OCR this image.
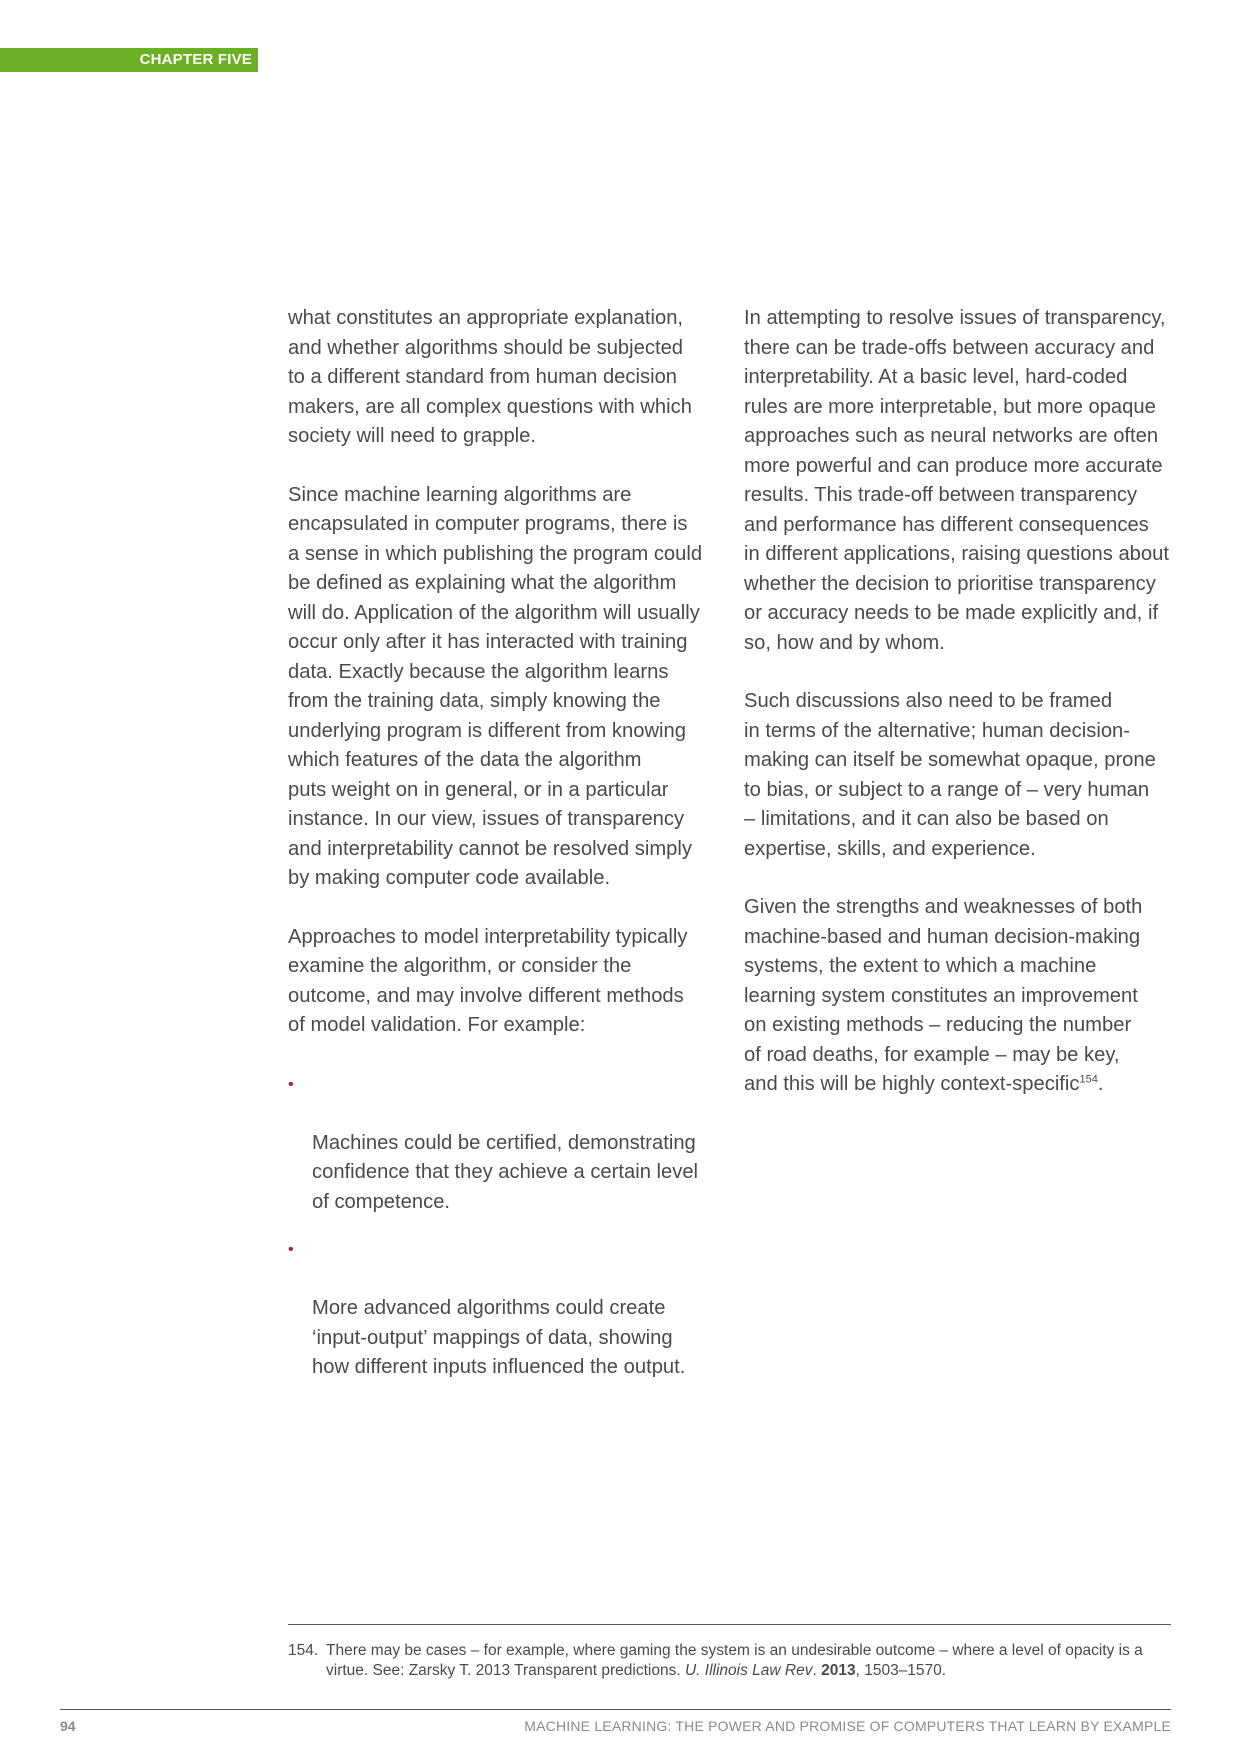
CHAPTER FIVE

what constitutes an appropriate explanation,
and whether algorithms should be subjected
to a different standard from human decision
makers, are all complex questions with which
society will need to grapple.

Since machine learning algorithms are
encapsulated in computer programs, there is
a sense in which publishing the program could
be defined as explaining what the algorithm
will do. Application of the algorithm will usually
occur only after it has interacted with training
data. Exactly because the algorithm learns
from the training data, simply knowing the
underlying program is different from knowing
which features of the data the algorithm
puts weight on in general, or in a particular
instance. In our view, issues of transparency
and interpretability cannot be resolved simply
by making computer code available.

Approaches to model interpretability typically
examine the algorithm, or consider the
outcome, and may involve different methods
of model validation. For example:

•

Machines could be certified, demonstrating
confidence that they achieve a certain level
of competence.

•

More advanced algorithms could create
‘input-output’ mappings of data, showing
how different inputs influenced the output.

In attempting to resolve issues of transparency,
there can be trade-offs between accuracy and
interpretability. At a basic level, hard-coded
rules are more interpretable, but more opaque
approaches such as neural networks are often
more powerful and can produce more accurate
results. This trade-off between transparency
and performance has different consequences
in different applications, raising questions about
whether the decision to prioritise transparency
or accuracy needs to be made explicitly and, if
so, how and by whom.

Such discussions also need to be framed
in terms of the alternative; human decision-
making can itself be somewhat opaque, prone
to bias, or subject to a range of – very human
– limitations, and it can also be based on
expertise, skills, and experience.

Given the strengths and weaknesses of both
machine-based and human decision-making
systems, the extent to which a machine
learning system constitutes an improvement
on existing methods – reducing the number
of road deaths, for example – may be key,
and this will be highly context-specific$^{154}$.

154. There may be cases – for example, where gaming the system is an undesirable outcome – where a level of opacity is a virtue. See: Zarsky T. 2013 Transparent predictions. U. Illinois Law Rev. 2013, 1503–1570.
94	MACHINE LEARNING: THE POWER AND PROMISE OF COMPUTERS THAT LEARN BY EXAMPLE
